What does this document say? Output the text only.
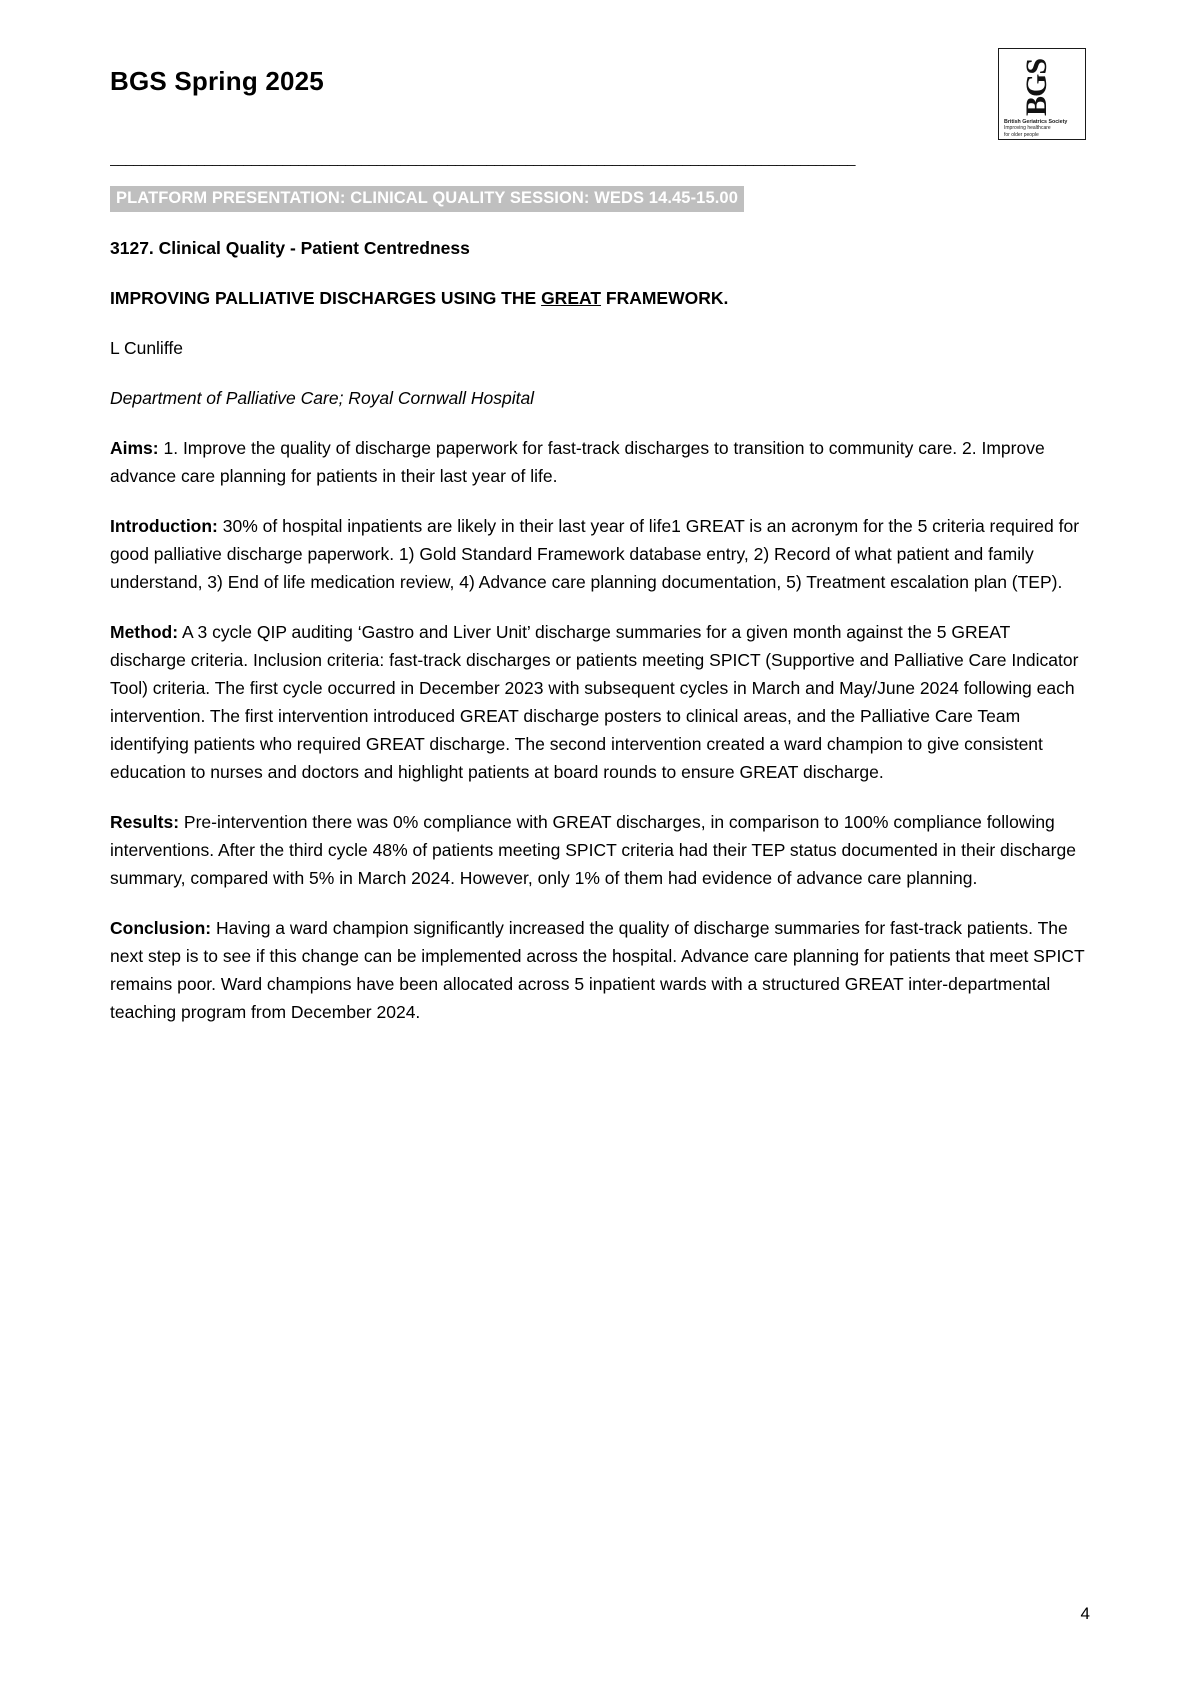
BGS Spring 2025	BGS
British Geriatrics Society
Improving healthcare
for older people
_______________________________________________________________________________________________
PLATFORM PRESENTATION: CLINICAL QUALITY SESSION: WEDS 14.45-15.00

3127. Clinical Quality - Patient Centredness

IMPROVING PALLIATIVE DISCHARGES USING THE GREAT FRAMEWORK.

L Cunliffe

Department of Palliative Care; Royal Cornwall Hospital

Aims: 1. Improve the quality of discharge paperwork for fast-track discharges to transition to community care. 2. Improve advance care planning for patients in their last year of life.

Introduction: 30% of hospital inpatients are likely in their last year of life1 GREAT is an acronym for the 5 criteria required for good palliative discharge paperwork. 1) Gold Standard Framework database entry, 2) Record of what patient and family understand, 3) End of life medication review, 4) Advance care planning documentation, 5) Treatment escalation plan (TEP).

Method: A 3 cycle QIP auditing ‘Gastro and Liver Unit’ discharge summaries for a given month against the 5 GREAT discharge criteria. Inclusion criteria: fast-track discharges or patients meeting SPICT (Supportive and Palliative Care Indicator Tool) criteria. The first cycle occurred in December 2023 with subsequent cycles in March and May/June 2024 following each intervention. The first intervention introduced GREAT discharge posters to clinical areas, and the Palliative Care Team identifying patients who required GREAT discharge. The second intervention created a ward champion to give consistent education to nurses and doctors and highlight patients at board rounds to ensure GREAT discharge.

Results: Pre-intervention there was 0% compliance with GREAT discharges, in comparison to 100% compliance following interventions. After the third cycle 48% of patients meeting SPICT criteria had their TEP status documented in their discharge summary, compared with 5% in March 2024. However, only 1% of them had evidence of advance care planning.

Conclusion: Having a ward champion significantly increased the quality of discharge summaries for fast-track patients. The next step is to see if this change can be implemented across the hospital. Advance care planning for patients that meet SPICT remains poor. Ward champions have been allocated across 5 inpatient wards with a structured GREAT inter-departmental teaching program from December 2024.

4
